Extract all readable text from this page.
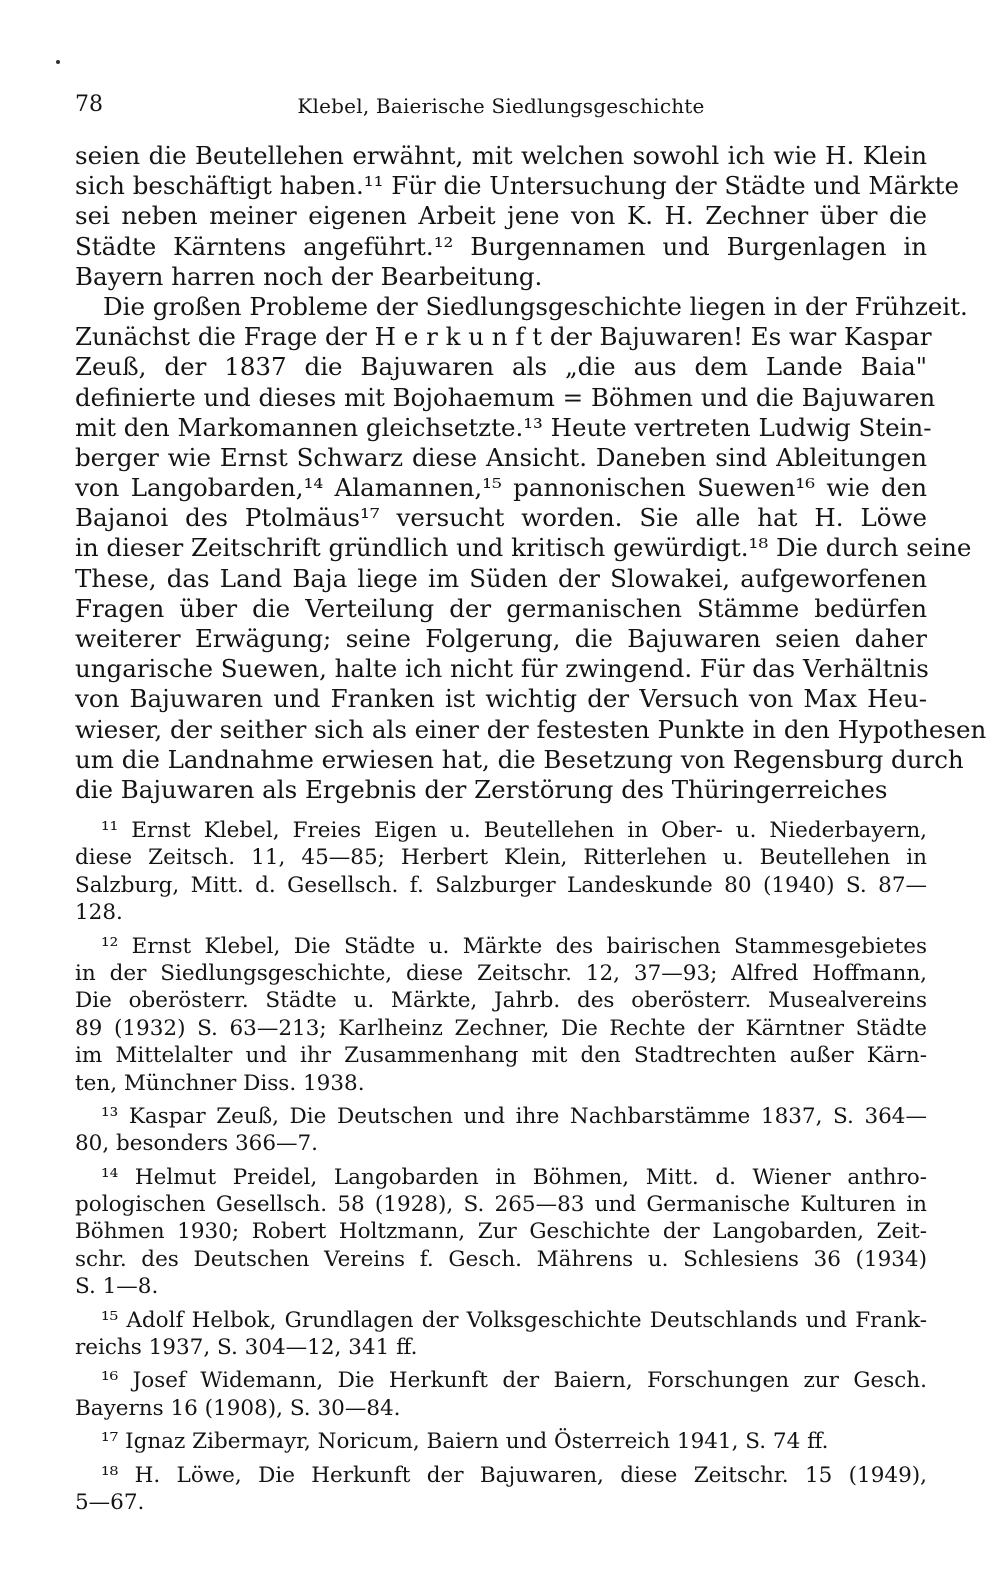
78	Klebel, Baierische Siedlungsgeschichte
seien die Beutellehen erwähnt, mit welchen sowohl ich wie H. Klein
sich beschäftigt haben.¹¹ Für die Untersuchung der Städte und Märkte
sei neben meiner eigenen Arbeit jene von K. H. Zechner über die
Städte Kärntens angeführt.¹² Burgennamen und Burgenlagen in
Bayern harren noch der Bearbeitung.
Die großen Probleme der Siedlungsgeschichte liegen in der Frühzeit.
Zunächst die Frage der H e r k u n f t der Bajuwaren! Es war Kaspar
Zeuß, der 1837 die Bajuwaren als „die aus dem Lande Baia"
definierte und dieses mit Bojohaemum = Böhmen und die Bajuwaren
mit den Markomannen gleichsetzte.¹³ Heute vertreten Ludwig Stein-
berger wie Ernst Schwarz diese Ansicht. Daneben sind Ableitungen
von Langobarden,¹⁴ Alamannen,¹⁵ pannonischen Suewen¹⁶ wie den
Bajanoi des Ptolmäus¹⁷ versucht worden. Sie alle hat H. Löwe
in dieser Zeitschrift gründlich und kritisch gewürdigt.¹⁸ Die durch seine
These, das Land Baja liege im Süden der Slowakei, aufgeworfenen
Fragen über die Verteilung der germanischen Stämme bedürfen
weiterer Erwägung; seine Folgerung, die Bajuwaren seien daher
ungarische Suewen, halte ich nicht für zwingend. Für das Verhältnis
von Bajuwaren und Franken ist wichtig der Versuch von Max Heu-
wieser, der seither sich als einer der festesten Punkte in den Hypothesen
um die Landnahme erwiesen hat, die Besetzung von Regensburg durch
die Bajuwaren als Ergebnis der Zerstörung des Thüringerreiches
¹¹ Ernst Klebel, Freies Eigen u. Beutellehen in Ober- u. Niederbayern,
diese Zeitsch. 11, 45—85; Herbert Klein, Ritterlehen u. Beutellehen in
Salzburg, Mitt. d. Gesellsch. f. Salzburger Landeskunde 80 (1940) S. 87—
128.
¹² Ernst Klebel, Die Städte u. Märkte des bairischen Stammesgebietes
in der Siedlungsgeschichte, diese Zeitschr. 12, 37—93; Alfred Hoffmann,
Die oberösterr. Städte u. Märkte, Jahrb. des oberösterr. Musealvereins
89 (1932) S. 63—213; Karlheinz Zechner, Die Rechte der Kärntner Städte
im Mittelalter und ihr Zusammenhang mit den Stadtrechten außer Kärn-
ten, Münchner Diss. 1938.
¹³ Kaspar Zeuß, Die Deutschen und ihre Nachbarstämme 1837, S. 364—
80, besonders 366—7.
¹⁴ Helmut Preidel, Langobarden in Böhmen, Mitt. d. Wiener anthro-
pologischen Gesellsch. 58 (1928), S. 265—83 und Germanische Kulturen in
Böhmen 1930; Robert Holtzmann, Zur Geschichte der Langobarden, Zeit-
schr. des Deutschen Vereins f. Gesch. Mährens u. Schlesiens 36 (1934)
S. 1—8.
¹⁵ Adolf Helbok, Grundlagen der Volksgeschichte Deutschlands und Frank-
reichs 1937, S. 304—12, 341 ff.
¹⁶ Josef Widemann, Die Herkunft der Baiern, Forschungen zur Gesch.
Bayerns 16 (1908), S. 30—84.
¹⁷ Ignaz Zibermayr, Noricum, Baiern und Österreich 1941, S. 74 ff.
¹⁸ H. Löwe, Die Herkunft der Bajuwaren, diese Zeitschr. 15 (1949),
5—67.
